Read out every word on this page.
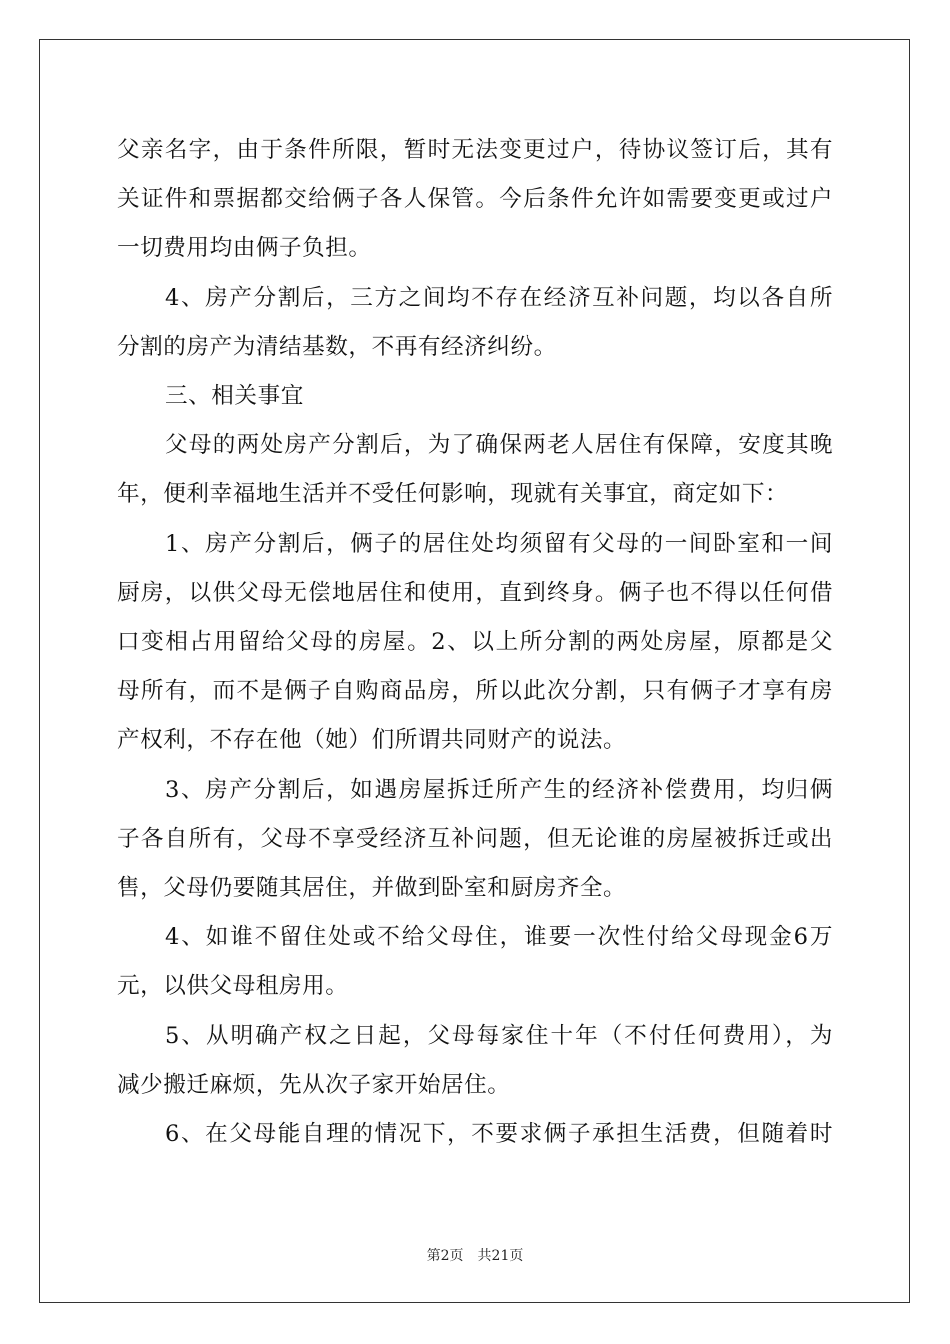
父亲名字，由于条件所限，暂时无法变更过户，待协议签订后，其有
关证件和票据都交给俩子各人保管。今后条件允许如需要变更或过户
一切费用均由俩子负担。
4、房产分割后，三方之间均不存在经济互补问题，均以各自所
分割的房产为清结基数，不再有经济纠纷。
三、相关事宜
父母的两处房产分割后，为了确保两老人居住有保障，安度其晚
年，便利幸福地生活并不受任何影响，现就有关事宜，商定如下：
1、房产分割后，俩子的居住处均须留有父母的一间卧室和一间
厨房，以供父母无偿地居住和使用，直到终身。俩子也不得以任何借
口变相占用留给父母的房屋。2、以上所分割的两处房屋，原都是父
母所有，而不是俩子自购商品房，所以此次分割，只有俩子才享有房
产权利，不存在他（她）们所谓共同财产的说法。
3、房产分割后，如遇房屋拆迁所产生的经济补偿费用，均归俩
子各自所有，父母不享受经济互补问题，但无论谁的房屋被拆迁或出
售，父母仍要随其居住，并做到卧室和厨房齐全。
4、如谁不留住处或不给父母住，谁要一次性付给父母现金6万
元，以供父母租房用。
5、从明确产权之日起，父母每家住十年（不付任何费用），为
减少搬迁麻烦，先从次子家开始居住。
6、在父母能自理的情况下，不要求俩子承担生活费，但随着时
第2页 共21页
